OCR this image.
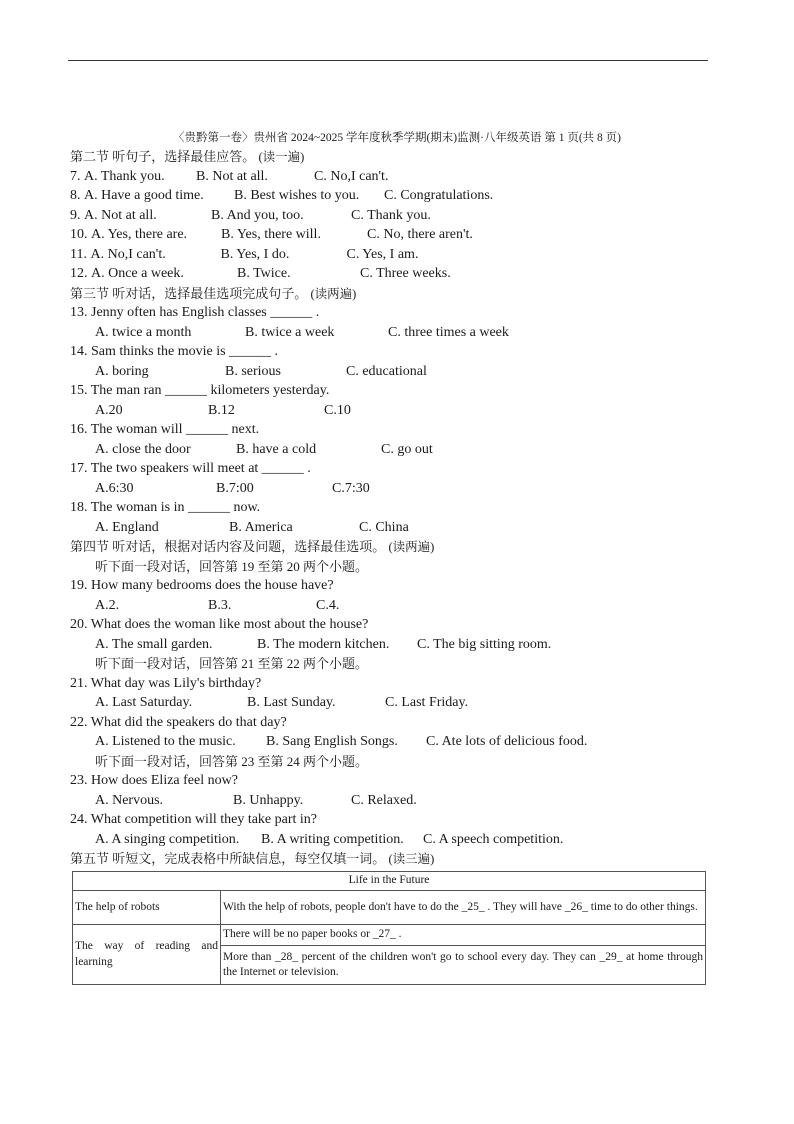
〈贵黔第一卷〉贵州省 2024~2025 学年度秋季学期(期末)监测·八年级英语 第 1 页(共 8 页)
第二节 听句子，选择最佳应答。 (读一遍)
7. A. Thank you. B. Not at all.	C. No,I can't.
8. A. Have a good time. B. Best wishes to you. C. Congratulations.
9. A. Not at all.	B. And you, too.	C. Thank you.
10. A. Yes, there are. B. Yes, there will.	C. No, there aren't.
11. A. No,I can't.	B. Yes, I do.	C. Yes, I am.
12. A. Once a week.	B. Twice.	C. Three weeks.
第三节 听对话，选择最佳选项完成句子。 (读两遍)
13. Jenny often has English classes ______ .
A. twice a month	B. twice a week	C. three times a week
14. Sam thinks the movie is ______ .
A. boring	B. serious	C. educational
15. The man ran ______ kilometers yesterday.
A.20	B.12	C.10
16. The woman will ______ next.
A. close the door	B. have a cold	C. go out
17. The two speakers will meet at ______ .
A.6:30	B.7:00	C.7:30
18. The woman is in ______ now.
A. England	B. America	C. China
第四节 听对话，根据对话内容及问题，选择最佳选项。 (读两遍)
听下面一段对话，回答第 19 至第 20 两个小题。
19. How many bedrooms does the house have?
A.2.	B.3.	C.4.
20. What does the woman like most about the house?
A. The small garden.	B. The modern kitchen. C. The big sitting room.
听下面一段对话，回答第 21 至第 22 两个小题。
21. What day was Lily's birthday?
A. Last Saturday.	B. Last Sunday.	C. Last Friday.
22. What did the speakers do that day?
A. Listened to the music. B. Sang English Songs. C. Ate lots of delicious food.
听下面一段对话，回答第 23 至第 24 两个小题。
23. How does Eliza feel now?
A. Nervous.	B. Unhappy.	C. Relaxed.
24. What competition will they take part in?
A. A singing competition. B. A writing competition. C. A speech competition.
第五节 听短文，完成表格中所缺信息，每空仅填一词。 (读三遍)
Life in the Future	
The help of robots	With the help of robots, people don't have to do the _25_ . They will have _26_ time to do other things.
The way of reading and learning	There will be no paper books or _27_ .
	More than _28_ percent of the children won't go to school every day. They can _29_ at home through the Internet or television.
